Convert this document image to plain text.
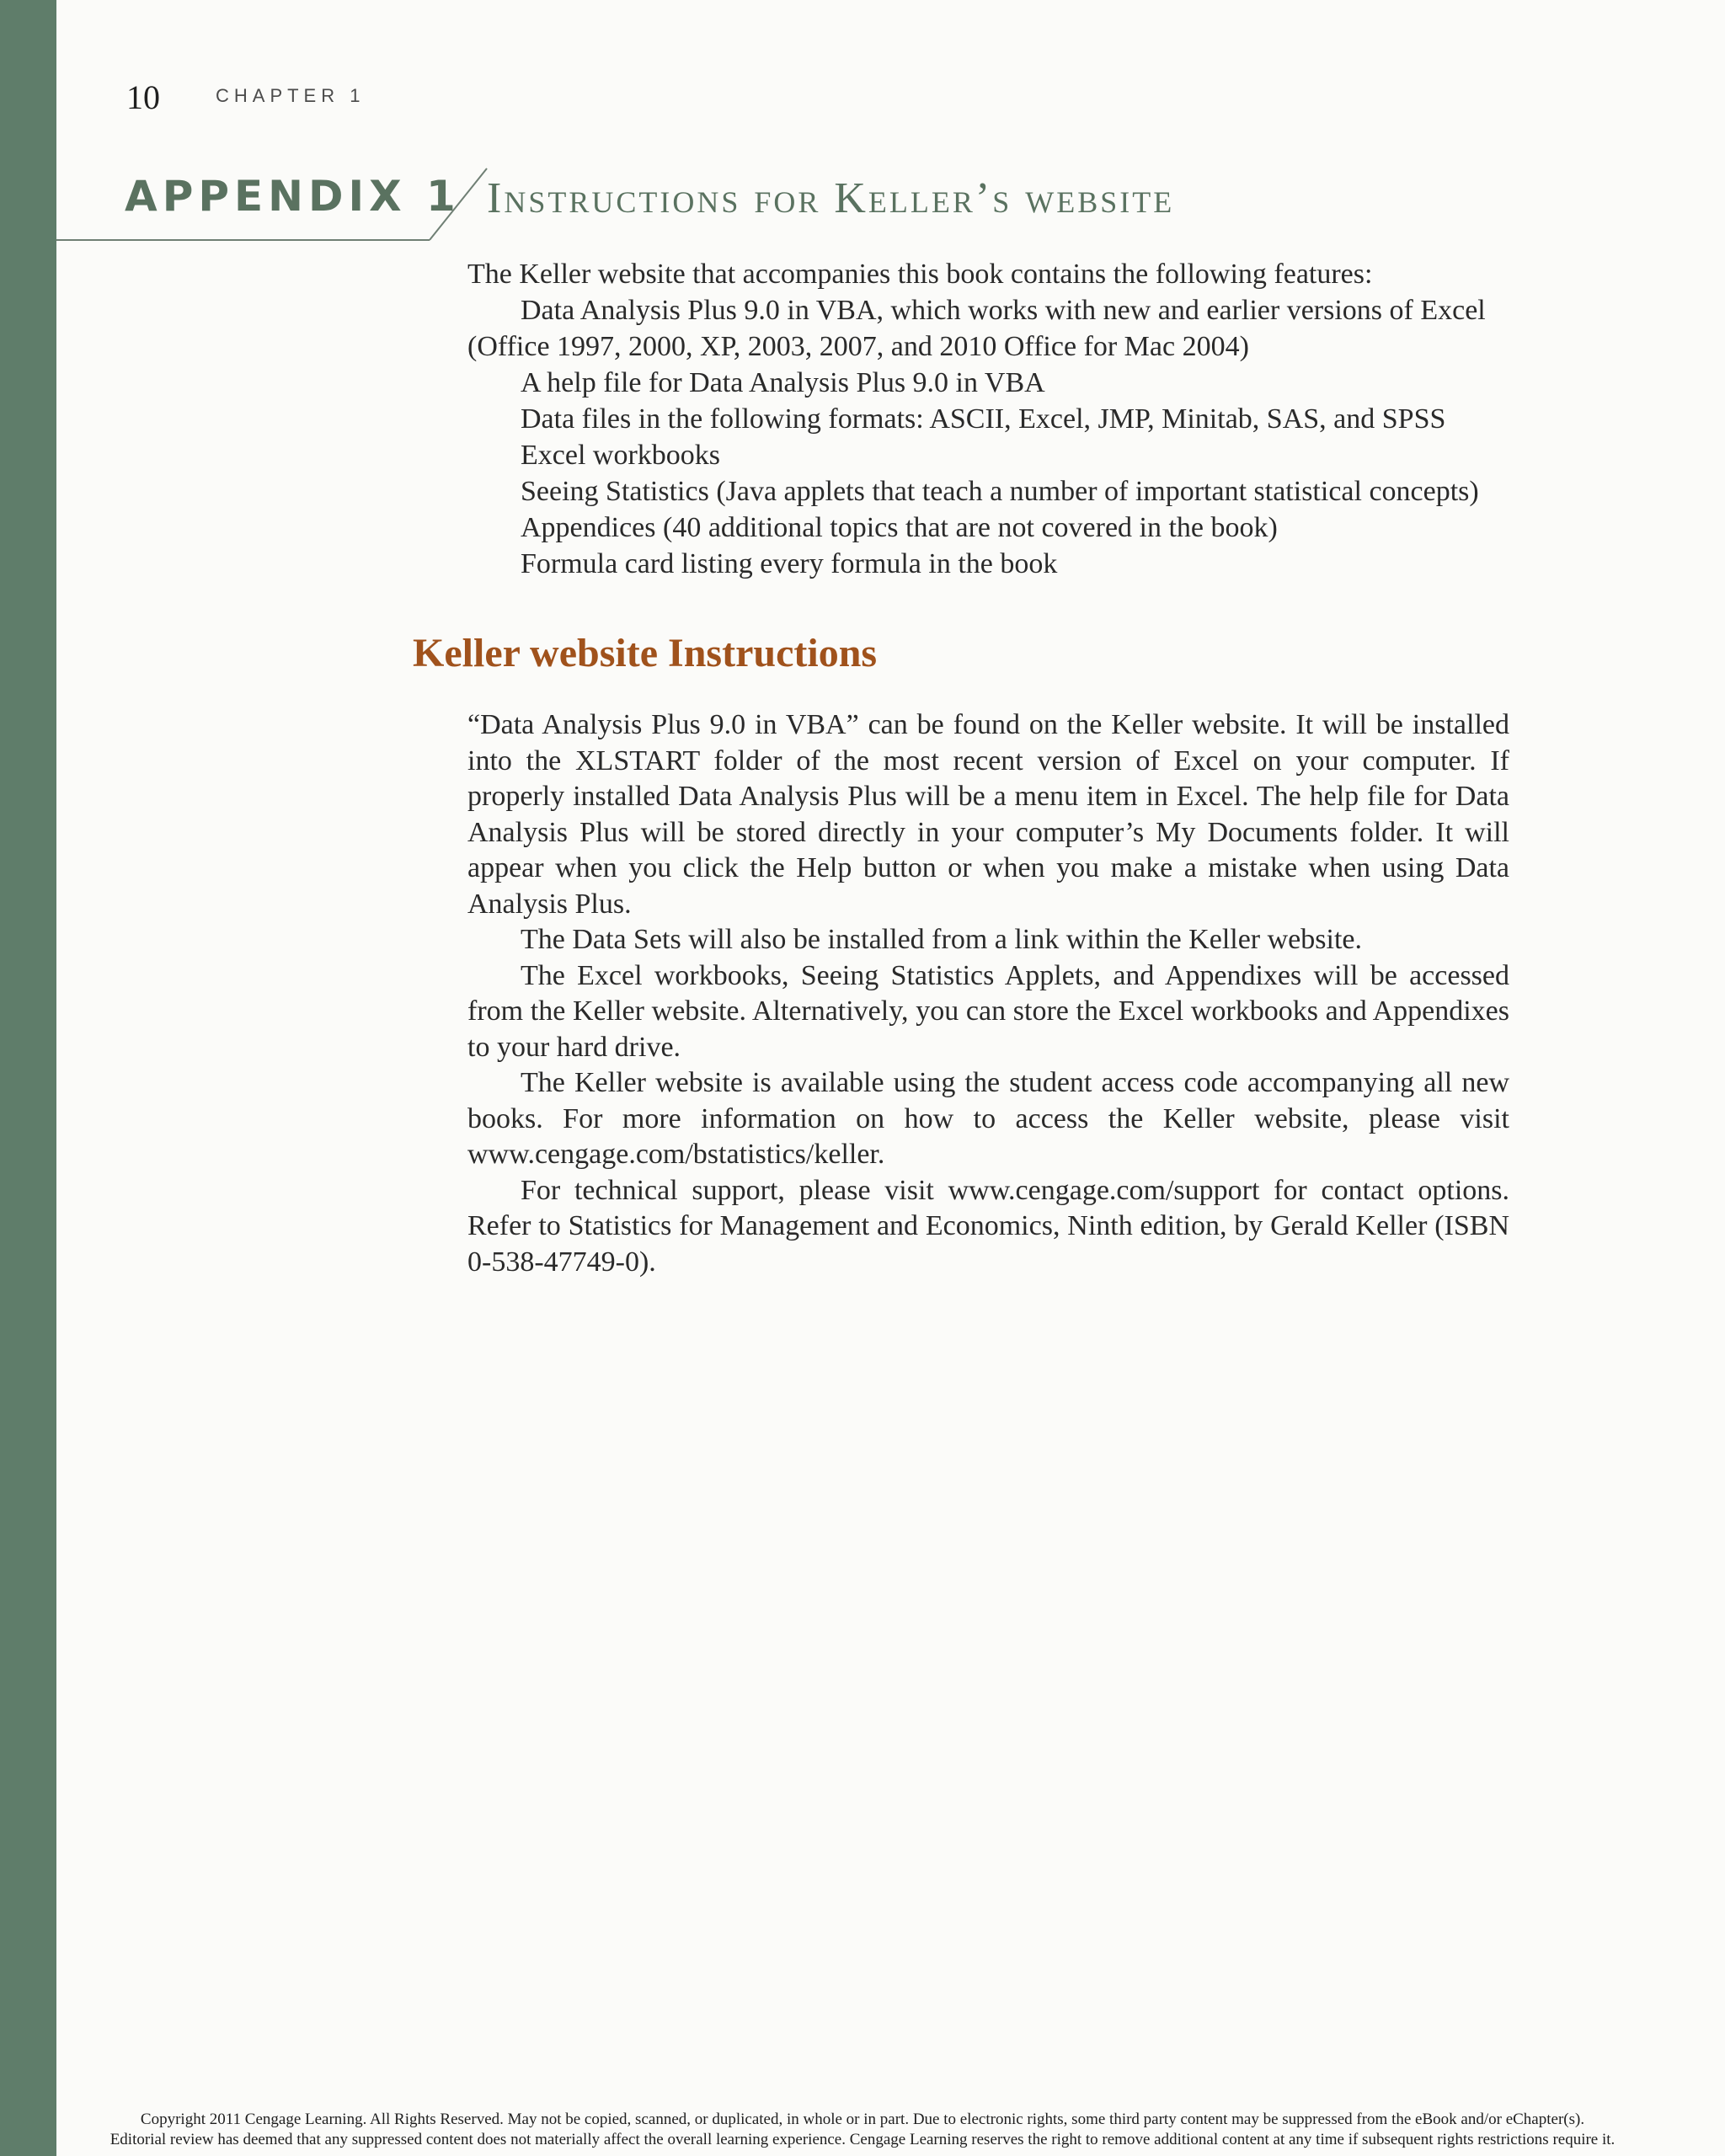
10	CHAPTER 1
APPENDIX 1 Instructions for Keller’s website

The Keller website that accompanies this book contains the following features:

Data Analysis Plus 9.0 in VBA, which works with new and earlier versions of Excel (Office 1997, 2000, XP, 2003, 2007, and 2010 Office for Mac 2004)

A help file for Data Analysis Plus 9.0 in VBA

Data files in the following formats: ASCII, Excel, JMP, Minitab, SAS, and SPSS

Excel workbooks

Seeing Statistics (Java applets that teach a number of important statistical concepts)

Appendices (40 additional topics that are not covered in the book)

Formula card listing every formula in the book

Keller website Instructions

“Data Analysis Plus 9.0 in VBA” can be found on the Keller website. It will be installed into the XLSTART folder of the most recent version of Excel on your computer. If properly installed Data Analysis Plus will be a menu item in Excel. The help file for Data Analysis Plus will be stored directly in your computer’s My Documents folder. It will appear when you click the Help button or when you make a mistake when using Data Analysis Plus.

The Data Sets will also be installed from a link within the Keller website.

The Excel workbooks, Seeing Statistics Applets, and Appendixes will be accessed from the Keller website. Alternatively, you can store the Excel workbooks and Appendixes to your hard drive.

The Keller website is available using the student access code accompanying all new books. For more information on how to access the Keller website, please visit www.cengage.com/bstatistics/keller.

For technical support, please visit www.cengage.com/support for contact options. Refer to Statistics for Management and Economics, Ninth edition, by Gerald Keller (ISBN 0-538-47749-0).

Copyright 2011 Cengage Learning. All Rights Reserved. May not be copied, scanned, or duplicated, in whole or in part. Due to electronic rights, some third party content may be suppressed from the eBook and/or eChapter(s).
Editorial review has deemed that any suppressed content does not materially affect the overall learning experience. Cengage Learning reserves the right to remove additional content at any time if subsequent rights restrictions require it.
